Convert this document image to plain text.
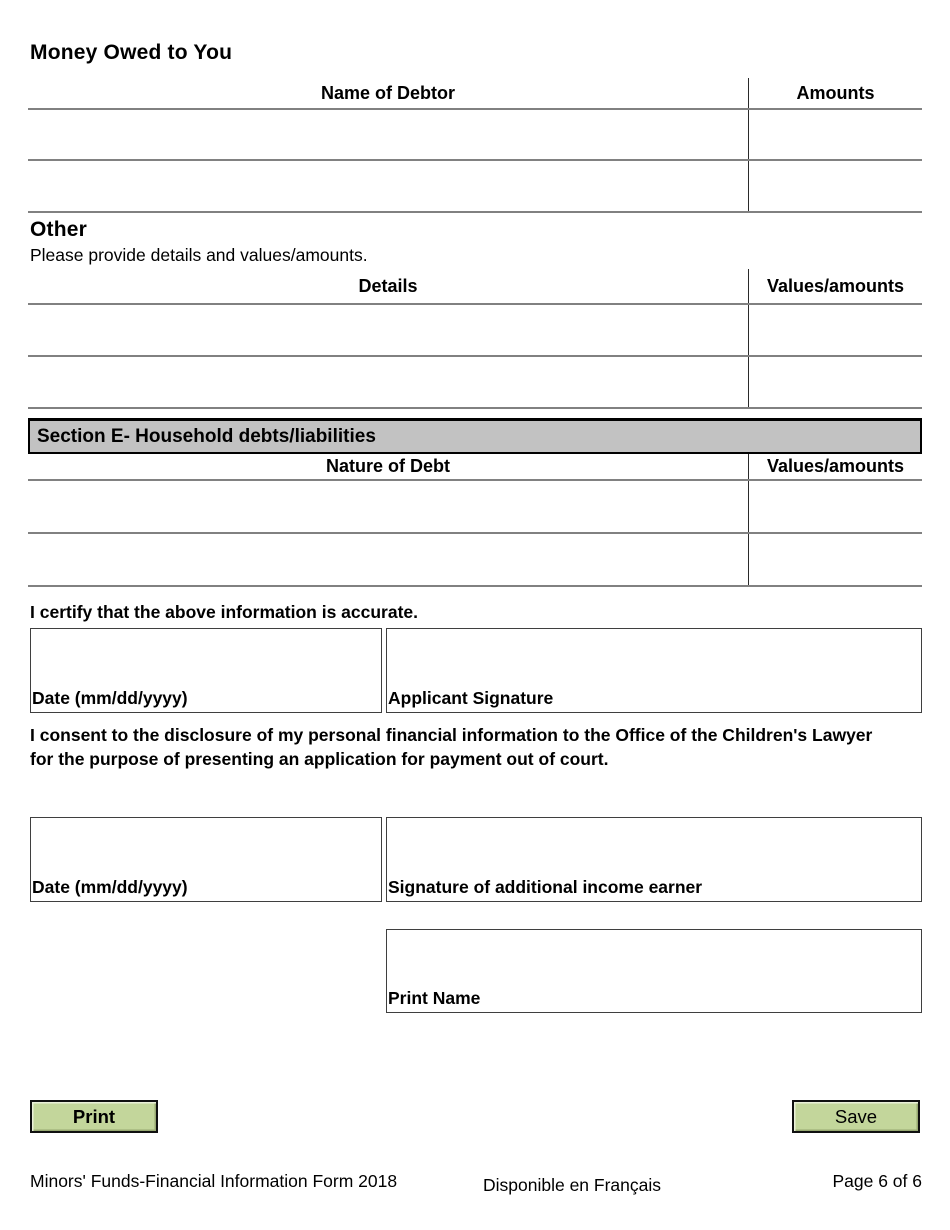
Money Owed to You
Name of Debtor	Amounts
Other
Please provide details and values/amounts.
Details	Values/amounts
Section E- Household debts/liabilities
Nature of Debt	Values/amounts
I certify that the above information is accurate.
Date (mm/dd/yyyy)	Applicant Signature
I consent to the disclosure of my personal financial information to the Office of the Children's Lawyer for the purpose of presenting an application for payment out of court.
Date (mm/dd/yyyy)	Signature of additional income earner
Print Name
Print	Save
Minors' Funds-Financial Information Form 2018	Disponible en Français	Page 6 of 6
